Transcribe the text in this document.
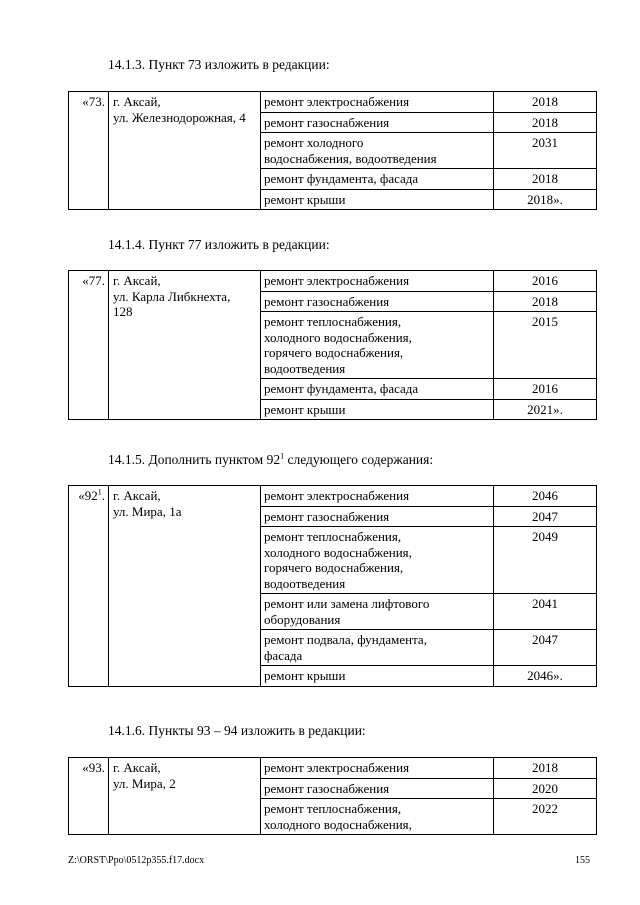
14.1.3. Пункт 73 изложить в редакции:
«73.	г. Аксай,
ул. Железнодорожная, 4	ремонт электроснабжения	2018

		ремонт газоснабжения	2018

		ремонт холодного
водоснабжения, водоотведения	2031

		ремонт фундамента, фасада	2018

		ремонт крыши	2018».
14.1.4. Пункт 77 изложить в редакции:
«77.	г. Аксай,
ул. Карла Либкнехта,
128	ремонт электроснабжения	2016

		ремонт газоснабжения	2018

		ремонт теплоснабжения,
холодного водоснабжения,
горячего водоснабжения,
водоотведения	2015

		ремонт фундамента, фасада	2016

		ремонт крыши	2021».
14.1.5. Дополнить пунктом $92^1$ следующего содержания:
«$92^1$.	г. Аксай,
ул. Мира, 1а	ремонт электроснабжения	2046

		ремонт газоснабжения	2047

		ремонт теплоснабжения,
холодного водоснабжения,
горячего водоснабжения,
водоотведения	2049

		ремонт или замена лифтового
оборудования	2041

		ремонт подвала, фундамента,
фасада	2047

		ремонт крыши	2046».
14.1.6. Пункты 93 – 94 изложить в редакции:
«93.	г. Аксай,
ул. Мира, 2	ремонт электроснабжения	2018

		ремонт газоснабжения	2020

		ремонт теплоснабжения,
холодного водоснабжения,	2022
Z:\ORST\Ppo\0512p355.f17.docx	155
